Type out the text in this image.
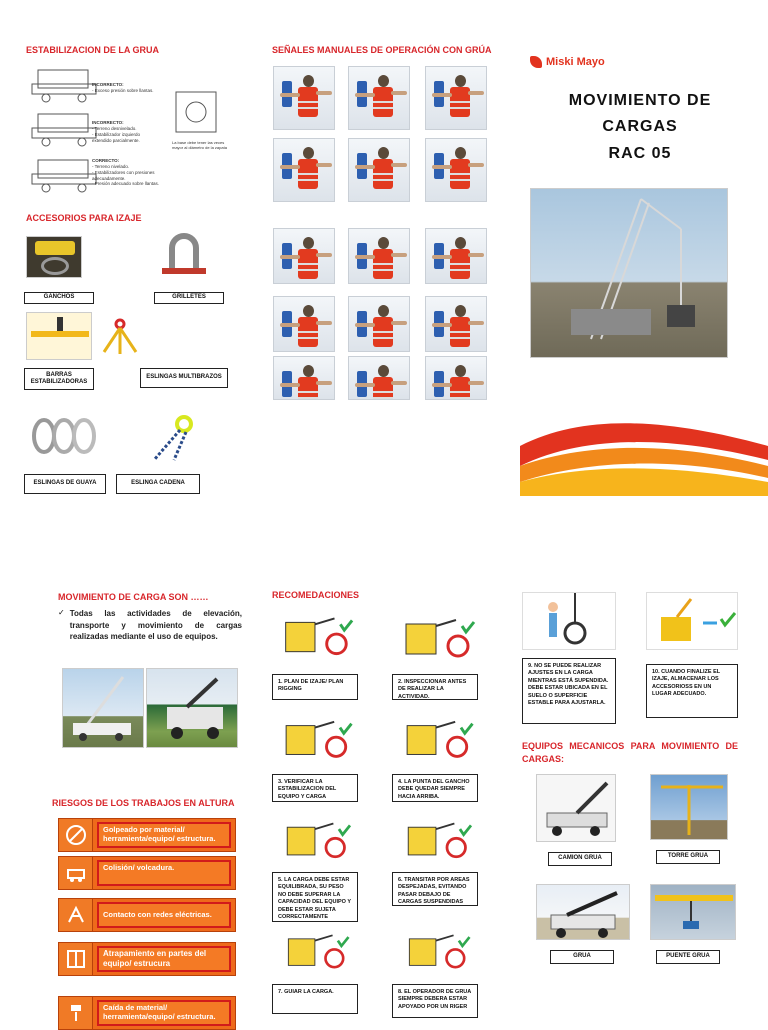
ESTABILIZACION DE LA GRUA
INCORRECTO:
- Exceso presión sobre llantas.
INCORRECTO:
- Terreno desnivelado.
- Estabilizador izquierdo
extendido parcialmente.
CORRECTO:
- Terreno nivelado.
- Estabilizadores con presiones
adecuadamente.
- Presión adecuado sobre llantas.
La base debe tener las veces mayor al diámetro de la zapata
ACCESORIOS PARA IZAJE
GANCHOS	GRILLETES
BARRAS ESTABILIZADORAS
ESLINGAS MULTIBRAZOS
ESLINGAS DE GUAYA	ESLINGA CADENA
SEÑALES MANUALES DE OPERACIÓN CON GRÚA
Miski Mayo
MOVIMIENTO DE
CARGAS
RAC 05
MOVIMIENTO DE CARGA SON ……
✓ Todas las actividades de elevación, transporte y movimiento de cargas realizadas mediante el uso de equipos.
RIESGOS DE LOS TRABAJOS EN ALTURA
Golpeado por material/ herramienta/equipo/ estructura.
Colisión/ volcadura.
Contacto con redes eléctricas.
Atrapamiento en partes del equipo/ estrucura
Caída de material/ herramienta/equipo/ estructura.
RECOMEDACIONES
1. PLAN DE IZAJE/ PLAN RIGGING
2. INSPECCIONAR ANTES DE REALIZAR LA ACTIVIDAD.
3. VERIFICAR LA ESTABILIZACION DEL EQUIPO Y CARGA
4. LA PUNTA DEL GANCHO DEBE QUEDAR SIEMPRE HACIA ARRIBA.
5. LA CARGA DEBE ESTAR EQUILIBRADA, SU PESO NO DEBE SUPERAR LA CAPACIDAD DEL EQUIPO Y DEBE ESTAR SUJETA CORRECTAMENTE
6. TRANSITAR POR AREAS DESPEJADAS, EVITANDO PASAR DEBAJO DE CARGAS SUSPENDIDAS
7. GUIAR LA CARGA.	8. EL OPERADOR DE GRUA SIEMPRE DEBERA ESTAR APOYADO POR UN RIGER
9. NO SE PUEDE REALIZAR AJUSTES EN LA CARGA MIENTRAS ESTÁ SUPENDIDA. DEBE ESTAR UBICADA EN EL SUELO O SUPERFICIE ESTABLE PARA AJUSTARLA.
10. CUANDO FINALIZE EL IZAJE, ALMACENAR LOS ACCESORIOSS EN UN LUGAR ADECUADO.
EQUIPOS MECANICOS PARA MOVIMIENTO DE CARGAS:
CAMION GRUA	TORRE GRUA
GRUA	PUENTE GRUA
